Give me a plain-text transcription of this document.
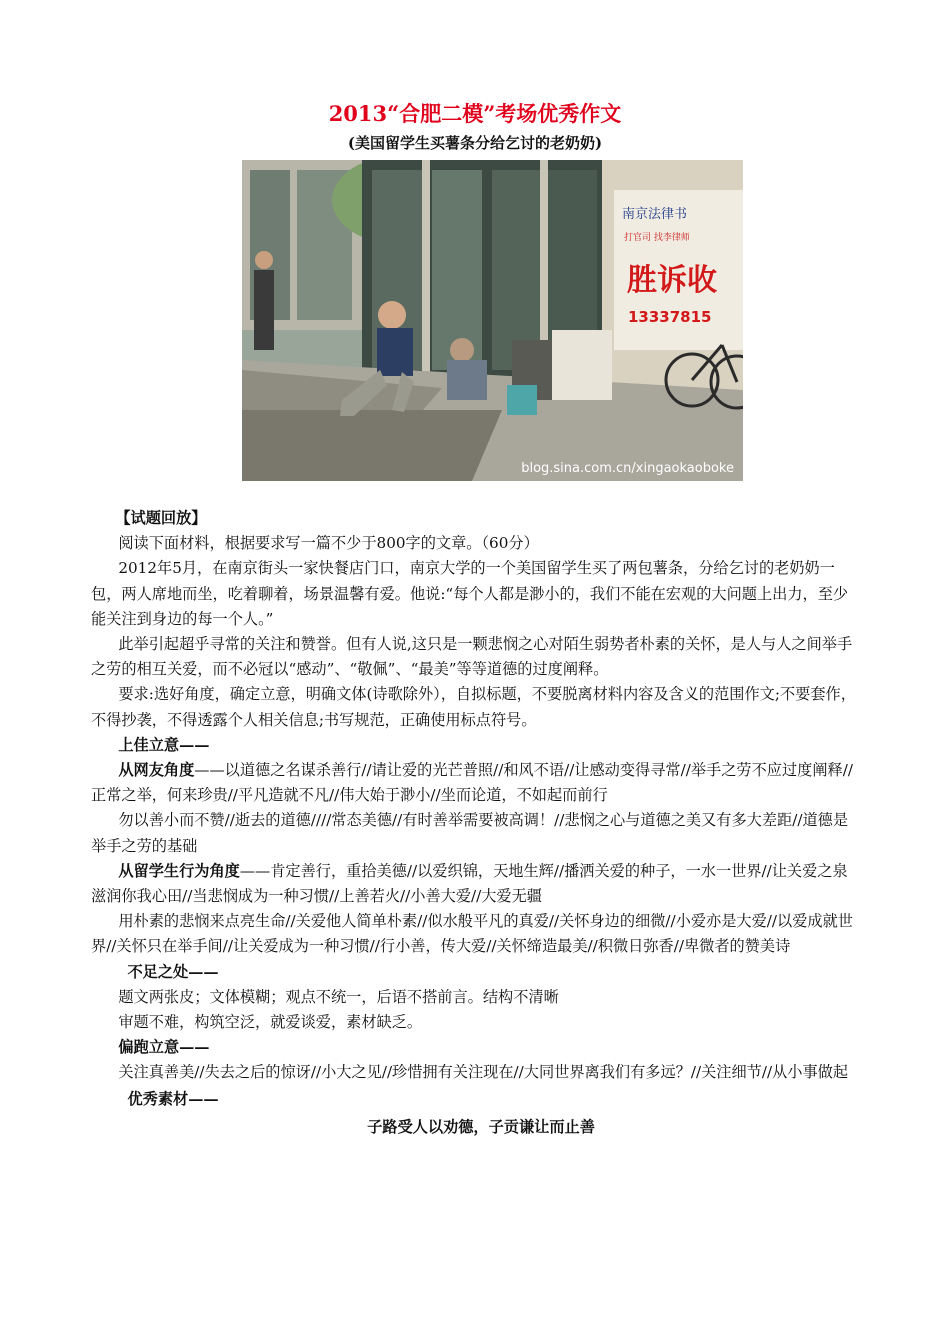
2013“合肥二模”考场优秀作文
(美国留学生买薯条分给乞讨的老奶奶)
南京法律书
打官司 找李律师
胜诉收
13337815
blog.sina.com.cn/xingaokaoboke

【试题回放】

阅读下面材料，根据要求写一篇不少于800字的文章。（60分）

2012年5月，在南京街头一家快餐店门口，南京大学的一个美国留学生买了两包薯条，分给乞讨的老奶奶一包，两人席地而坐，吃着聊着，场景温馨有爱。他说:“每个人都是渺小的，我们不能在宏观的大问题上出力，至少能关注到身边的每一个人。”

此举引起超乎寻常的关注和赞誉。但有人说,这只是一颗悲悯之心对陌生弱势者朴素的关怀，是人与人之间举手之劳的相互关爱，而不必冠以“感动”、“敬佩”、“最美”等等道德的过度阐释。

要求:选好角度，确定立意，明确文体(诗歌除外），自拟标题，不要脱离材料内容及含义的范围作文;不要套作，不得抄袭，不得透露个人相关信息;书写规范，正确使用标点符号。

上佳立意——

从网友角度——以道德之名谋杀善行//请让爱的光芒普照//和风不语//让感动变得寻常//举手之劳不应过度阐释//正常之举，何来珍贵//平凡造就不凡//伟大始于渺小//坐而论道，不如起而前行

勿以善小而不赞//逝去的道德////常态美德//有时善举需要被高调！//悲悯之心与道德之美又有多大差距//道德是举手之劳的基础

从留学生行为角度——肯定善行，重拾美德//以爱织锦，天地生辉//播洒关爱的种子，一水一世界//让关爱之泉滋润你我心田//当悲悯成为一种习惯//上善若火//小善大爱//大爱无疆

用朴素的悲悯来点亮生命//关爱他人简单朴素//似水般平凡的真爱//关怀身边的细微//小爱亦是大爱//以爱成就世界//关怀只在举手间//让关爱成为一种习惯//行小善，传大爱//关怀缔造最美//积微日弥香//卑微者的赞美诗

不足之处——

题文两张皮；文体模糊；观点不统一，后语不搭前言。结构不清晰

审题不难，构筑空泛，就爱谈爱，素材缺乏。

偏跑立意——

关注真善美//失去之后的惊讶//小大之见//珍惜拥有关注现在//大同世界离我们有多远？//关注细节//从小事做起

优秀素材——

子路受人以劝德，子贡谦让而止善
